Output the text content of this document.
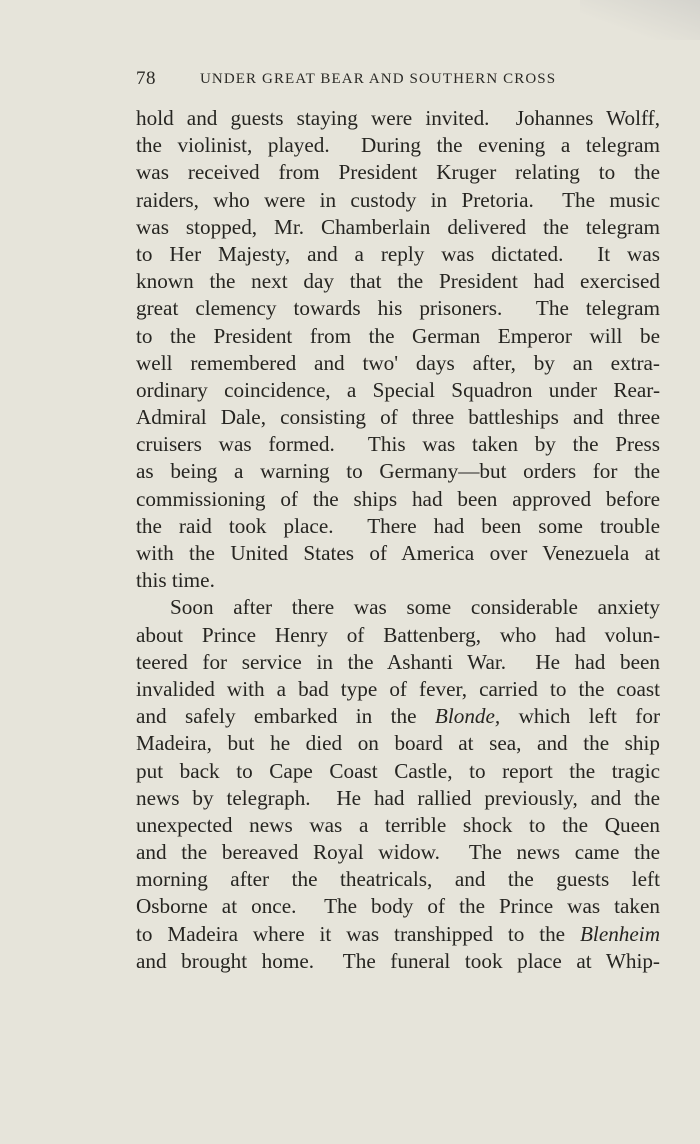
78	UNDER GREAT BEAR AND SOUTHERN CROSS
hold and guests staying were invited.  Johannes Wolff,
the violinist, played.  During the evening a telegram
was received from President Kruger relating to the
raiders, who were in custody in Pretoria.  The music
was stopped, Mr. Chamberlain delivered the telegram
to Her Majesty, and a reply was dictated.  It was
known the next day that the President had exercised
great clemency towards his prisoners.  The telegram
to the President from the German Emperor will be
well remembered and two' days after, by an extra-
ordinary coincidence, a Special Squadron under Rear-
Admiral Dale, consisting of three battleships and three
cruisers was formed.  This was taken by the Press
as being a warning to Germany—but orders for the
commissioning of the ships had been approved before
the raid took place.  There had been some trouble
with the United States of America over Venezuela at
this time.
Soon after there was some considerable anxiety
about Prince Henry of Battenberg, who had volun-
teered for service in the Ashanti War.  He had been
invalided with a bad type of fever, carried to the coast
and safely embarked in the Blonde, which left for
Madeira, but he died on board at sea, and the ship
put back to Cape Coast Castle, to report the tragic
news by telegraph.  He had rallied previously, and the
unexpected news was a terrible shock to the Queen
and the bereaved Royal widow.  The news came the
morning after the theatricals, and the guests left
Osborne at once.  The body of the Prince was taken
to Madeira where it was transhipped to the Blenheim
and brought home.  The funeral took place at Whip-
